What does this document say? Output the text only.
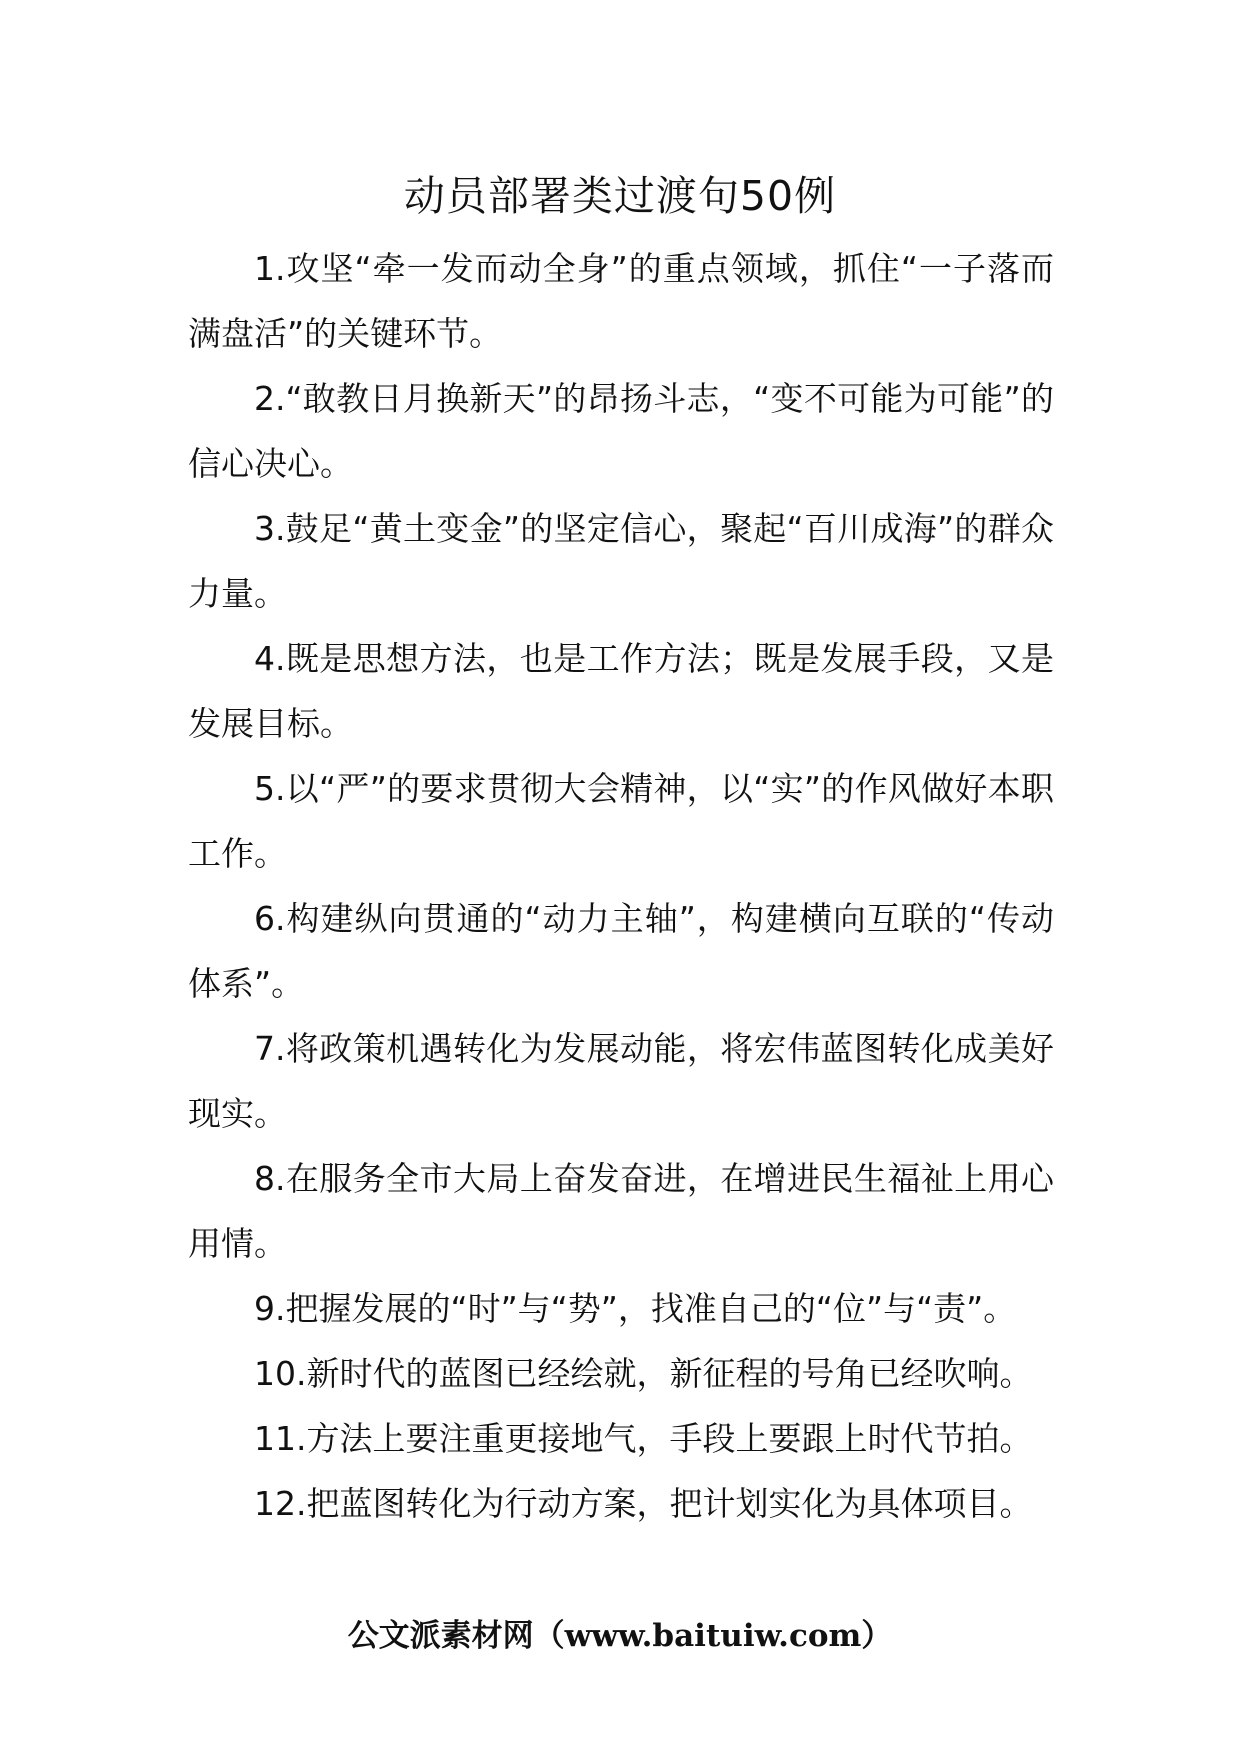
动员部署类过渡句50例

1.攻坚“牵一发而动全身”的重点领域，抓住“一子落而满盘活”的关键环节。

2.“敢教日月换新天”的昂扬斗志，“变不可能为可能”的信心决心。

3.鼓足“黄土变金”的坚定信心，聚起“百川成海”的群众力量。

4.既是思想方法，也是工作方法；既是发展手段，又是发展目标。

5.以“严”的要求贯彻大会精神，以“实”的作风做好本职工作。

6.构建纵向贯通的“动力主轴”，构建横向互联的“传动体系”。

7.将政策机遇转化为发展动能，将宏伟蓝图转化成美好现实。

8.在服务全市大局上奋发奋进，在增进民生福祉上用心用情。

9.把握发展的“时”与“势”，找准自己的“位”与“责”。

10.新时代的蓝图已经绘就，新征程的号角已经吹响。

11.方法上要注重更接地气，手段上要跟上时代节拍。

12.把蓝图转化为行动方案，把计划实化为具体项目。

公文派素材网（www.baituiw.com）
